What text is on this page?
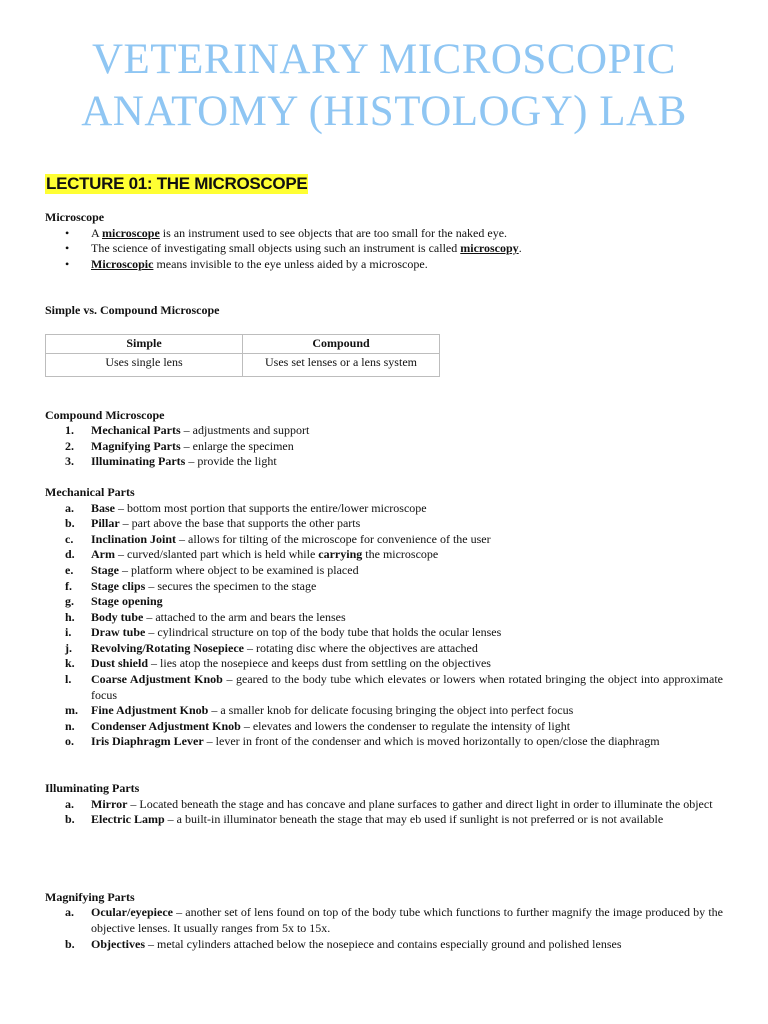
VETERINARY MICROSCOPIC
ANATOMY (HISTOLOGY) LAB
LECTURE 01: THE MICROSCOPE

Microscope

• A microscope is an instrument used to see objects that are too small for the naked eye.
• The science of investigating small objects using such an instrument is called microscopy.
• Microscopic means invisible to the eye unless aided by a microscope.

Simple vs. Compound Microscope

Simple	Compound
Uses single lens	Uses set lenses or a lens system

Compound Microscope

1. Mechanical Parts – adjustments and support
2. Magnifying Parts – enlarge the specimen
3. Illuminating Parts – provide the light

Mechanical Parts

a. Base – bottom most portion that supports the entire/lower microscope
b. Pillar – part above the base that supports the other parts
c. Inclination Joint – allows for tilting of the microscope for convenience of the user
d. Arm – curved/slanted part which is held while carrying the microscope
e. Stage – platform where object to be examined is placed
f. Stage clips – secures the specimen to the stage
g. Stage opening
h. Body tube – attached to the arm and bears the lenses
i. Draw tube – cylindrical structure on top of the body tube that holds the ocular lenses
j. Revolving/Rotating Nosepiece – rotating disc where the objectives are attached
k. Dust shield – lies atop the nosepiece and keeps dust from settling on the objectives
l. Coarse Adjustment Knob – geared to the body tube which elevates or lowers when rotated bringing the object into approximate focus
m. Fine Adjustment Knob – a smaller knob for delicate focusing bringing the object into perfect focus
n. Condenser Adjustment Knob – elevates and lowers the condenser to regulate the intensity of light
o. Iris Diaphragm Lever – lever in front of the condenser and which is moved horizontally to open/close the diaphragm

Illuminating Parts

a. Mirror – Located beneath the stage and has concave and plane surfaces to gather and direct light in order to illuminate the object
b. Electric Lamp – a built-in illuminator beneath the stage that may eb used if sunlight is not preferred or is not available

Magnifying Parts

a. Ocular/eyepiece – another set of lens found on top of the body tube which functions to further magnify the image produced by the objective lenses. It usually ranges from 5x to 15x.
b. Objectives – metal cylinders attached below the nosepiece and contains especially ground and polished lenses
